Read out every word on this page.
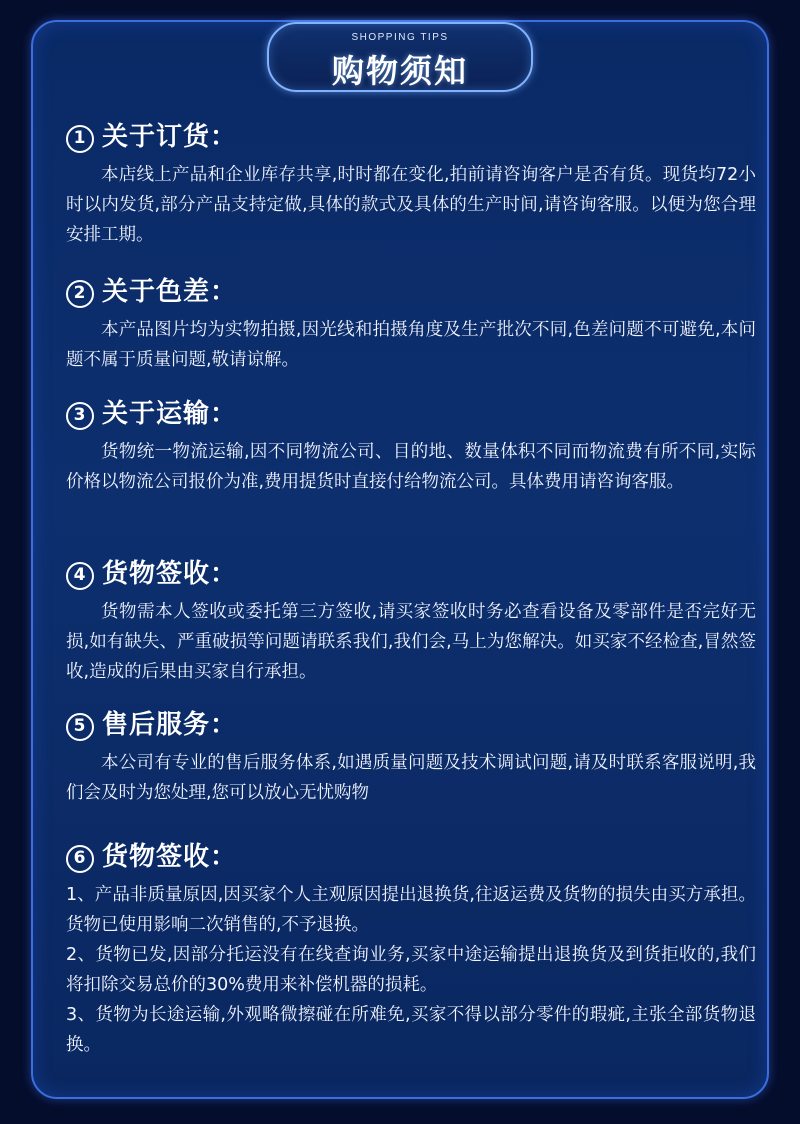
SHOPPING TIPS
购物须知
1 关于订货：
本店线上产品和企业库存共享,时时都在变化,拍前请咨询客户是否有货。现货均72小时以内发货,部分产品支持定做,具体的款式及具体的生产时间,请咨询客服。以便为您合理安排工期。
2 关于色差：
本产品图片均为实物拍摄,因光线和拍摄角度及生产批次不同,色差问题不可避免,本问题不属于质量问题,敬请谅解。
3 关于运输：
货物统一物流运输,因不同物流公司、目的地、数量体积不同而物流费有所不同,实际价格以物流公司报价为准,费用提货时直接付给物流公司。具体费用请咨询客服。
4 货物签收：
货物需本人签收或委托第三方签收,请买家签收时务必查看设备及零部件是否完好无损,如有缺失、严重破损等问题请联系我们,我们会,马上为您解决。如买家不经检查,冒然签收,造成的后果由买家自行承担。
5 售后服务：
本公司有专业的售后服务体系,如遇质量问题及技术调试问题,请及时联系客服说明,我们会及时为您处理,您可以放心无忧购物
6 货物签收：

1、产品非质量原因,因买家个人主观原因提出退换货,往返运费及货物的损失由买方承担。货物已使用影响二次销售的,不予退换。

2、货物已发,因部分托运没有在线查询业务,买家中途运输提出退换货及到货拒收的,我们将扣除交易总价的30%费用来补偿机器的损耗。

3、货物为长途运输,外观略微擦碰在所难免,买家不得以部分零件的瑕疵,主张全部货物退换。
